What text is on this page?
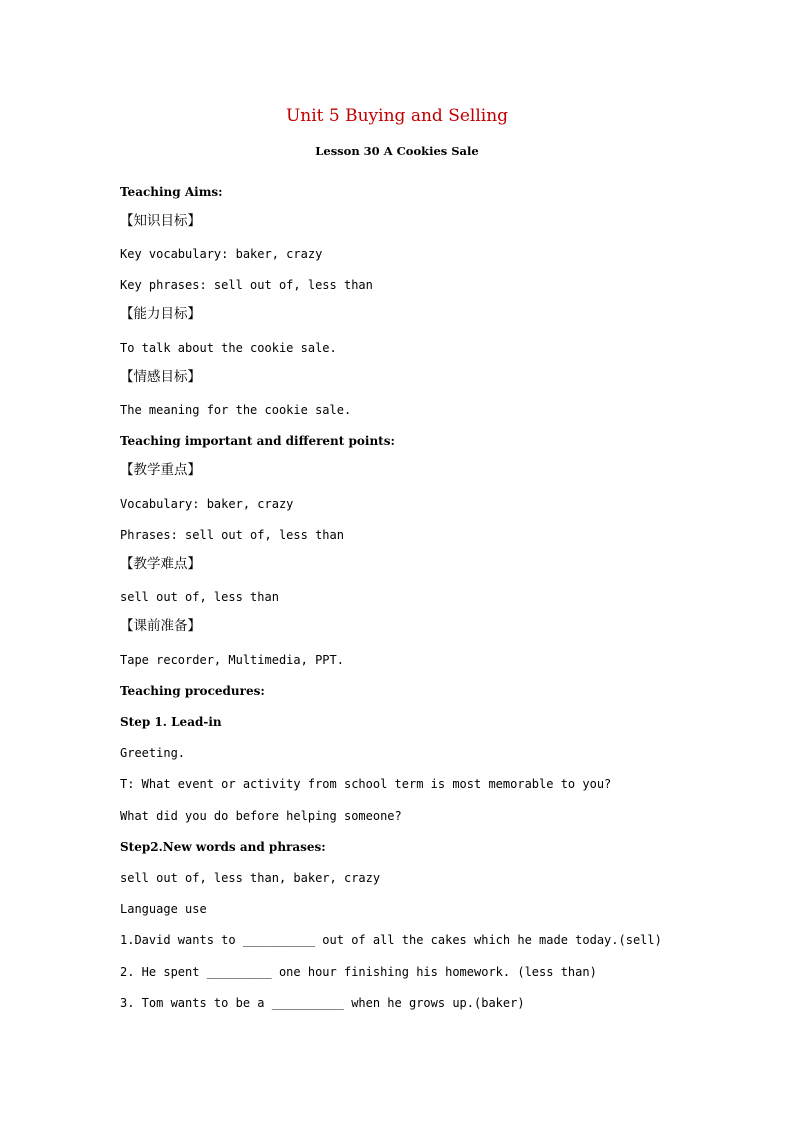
Unit 5 Buying and Selling
Lesson 30 A Cookies Sale
Teaching Aims:
【知识目标】
Key vocabulary: baker, crazy
Key phrases: sell out of, less than
【能力目标】
To talk about the cookie sale.
【情感目标】
The meaning for the cookie sale.
Teaching important and different points:
【教学重点】
Vocabulary: baker, crazy
Phrases: sell out of, less than
【教学难点】
sell out of, less than
【课前准备】
Tape recorder, Multimedia, PPT.
Teaching procedures:
Step 1. Lead-in
Greeting.
T: What event or activity from school term is most memorable to you?
What did you do before helping someone?
Step2.New words and phrases:
sell out of, less than, baker, crazy
Language use
1.David wants to __________ out of all the cakes which he made today.(sell)
2. He spent _________ one hour finishing his homework. (less than)
3. Tom wants to be a __________ when he grows up.(baker)
